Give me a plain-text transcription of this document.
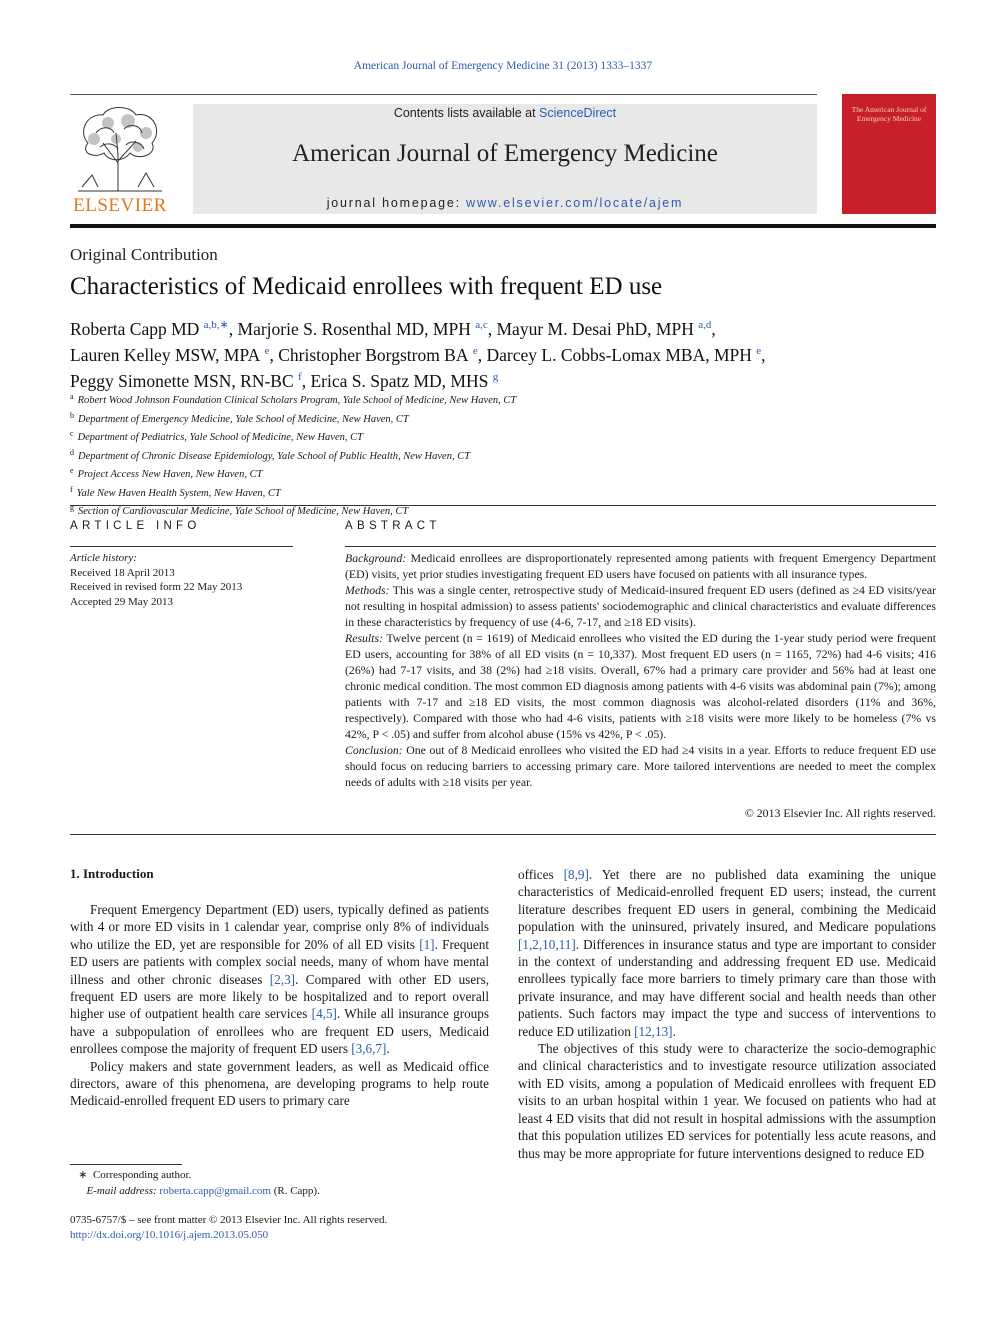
American Journal of Emergency Medicine 31 (2013) 1333–1337
ELSEVIER
Contents lists available at ScienceDirect
American Journal of Emergency Medicine
journal homepage: www.elsevier.com/locate/ajem
The American Journal of Emergency Medicine
Original Contribution
Characteristics of Medicaid enrollees with frequent ED use
Roberta Capp MD $^{a,b,∗}$, Marjorie S. Rosenthal MD, MPH $^{a,c}$, Mayur M. Desai PhD, MPH $^{a,d}$,
Lauren Kelley MSW, MPA $^e$, Christopher Borgstrom BA $^e$, Darcey L. Cobbs-Lomax MBA, MPH $^e$,
Peggy Simonette MSN, RN-BC $^f$, Erica S. Spatz MD, MHS $^g$
$^a$ Robert Wood Johnson Foundation Clinical Scholars Program, Yale School of Medicine, New Haven, CT
$^b$ Department of Emergency Medicine, Yale School of Medicine, New Haven, CT
$^c$ Department of Pediatrics, Yale School of Medicine, New Haven, CT
$^d$ Department of Chronic Disease Epidemiology, Yale School of Public Health, New Haven, CT
$^e$ Project Access New Haven, New Haven, CT
$^f$ Yale New Haven Health System, New Haven, CT
$^g$ Section of Cardiovascular Medicine, Yale School of Medicine, New Haven, CT
ARTICLE INFO
Article history:
Received 18 April 2013
Received in revised form 22 May 2013
Accepted 29 May 2013
ABSTRACT

Background: Medicaid enrollees are disproportionately represented among patients with frequent Emergency Department (ED) visits, yet prior studies investigating frequent ED users have focused on patients with all insurance types.

Methods: This was a single center, retrospective study of Medicaid-insured frequent ED users (defined as ≥4 ED visits/year not resulting in hospital admission) to assess patients' sociodemographic and clinical characteristics and evaluate differences in these characteristics by frequency of use (4-6, 7-17, and ≥18 ED visits).

Results: Twelve percent (n = 1619) of Medicaid enrollees who visited the ED during the 1-year study period were frequent ED users, accounting for 38% of all ED visits (n = 10,337). Most frequent ED users (n = 1165, 72%) had 4-6 visits; 416 (26%) had 7-17 visits, and 38 (2%) had ≥18 visits. Overall, 67% had a primary care provider and 56% had at least one chronic medical condition. The most common ED diagnosis among patients with 4-6 visits was abdominal pain (7%); among patients with 7-17 and ≥18 ED visits, the most common diagnosis was alcohol-related disorders (11% and 36%, respectively). Compared with those who had 4-6 visits, patients with ≥18 visits were more likely to be homeless (7% vs 42%, P < .05) and suffer from alcohol abuse (15% vs 42%, P < .05).

Conclusion: One out of 8 Medicaid enrollees who visited the ED had ≥4 visits in a year. Efforts to reduce frequent ED use should focus on reducing barriers to accessing primary care. More tailored interventions are needed to meet the complex needs of adults with ≥18 visits per year.

© 2013 Elsevier Inc. All rights reserved.
1. Introduction

Frequent Emergency Department (ED) users, typically defined as patients with 4 or more ED visits in 1 calendar year, comprise only 8% of individuals who utilize the ED, yet are responsible for 20% of all ED visits [1]. Frequent ED users are patients with complex social needs, many of whom have mental illness and other chronic diseases [2,3]. Compared with other ED users, frequent ED users are more likely to be hospitalized and to report overall higher use of outpatient health care services [4,5]. While all insurance groups have a subpopulation of enrollees who are frequent ED users, Medicaid enrollees compose the majority of frequent ED users [3,6,7].

Policy makers and state government leaders, as well as Medicaid office directors, aware of this phenomena, are developing programs to help route Medicaid-enrolled frequent ED users to primary care

offices [8,9]. Yet there are no published data examining the unique characteristics of Medicaid-enrolled frequent ED users; instead, the current literature describes frequent ED users in general, combining the Medicaid population with the uninsured, privately insured, and Medicare populations [1,2,10,11]. Differences in insurance status and type are important to consider in the context of understanding and addressing frequent ED use. Medicaid enrollees typically face more barriers to timely primary care than those with private insurance, and may have different social and health needs than other patients. Such factors may impact the type and success of interventions to reduce ED utilization [12,13].

The objectives of this study were to characterize the socio-demographic and clinical characteristics and to investigate resource utilization associated with ED visits, among a population of Medicaid enrollees with frequent ED visits to an urban hospital within 1 year. We focused on patients who had at least 4 ED visits that did not result in hospital admissions with the assumption that this population utilizes ED services for potentially less acute reasons, and thus may be more appropriate for future interventions designed to reduce ED

∗ Corresponding author.
E-mail address: roberta.capp@gmail.com (R. Capp).
0735-6757/$ – see front matter © 2013 Elsevier Inc. All rights reserved.
http://dx.doi.org/10.1016/j.ajem.2013.05.050
